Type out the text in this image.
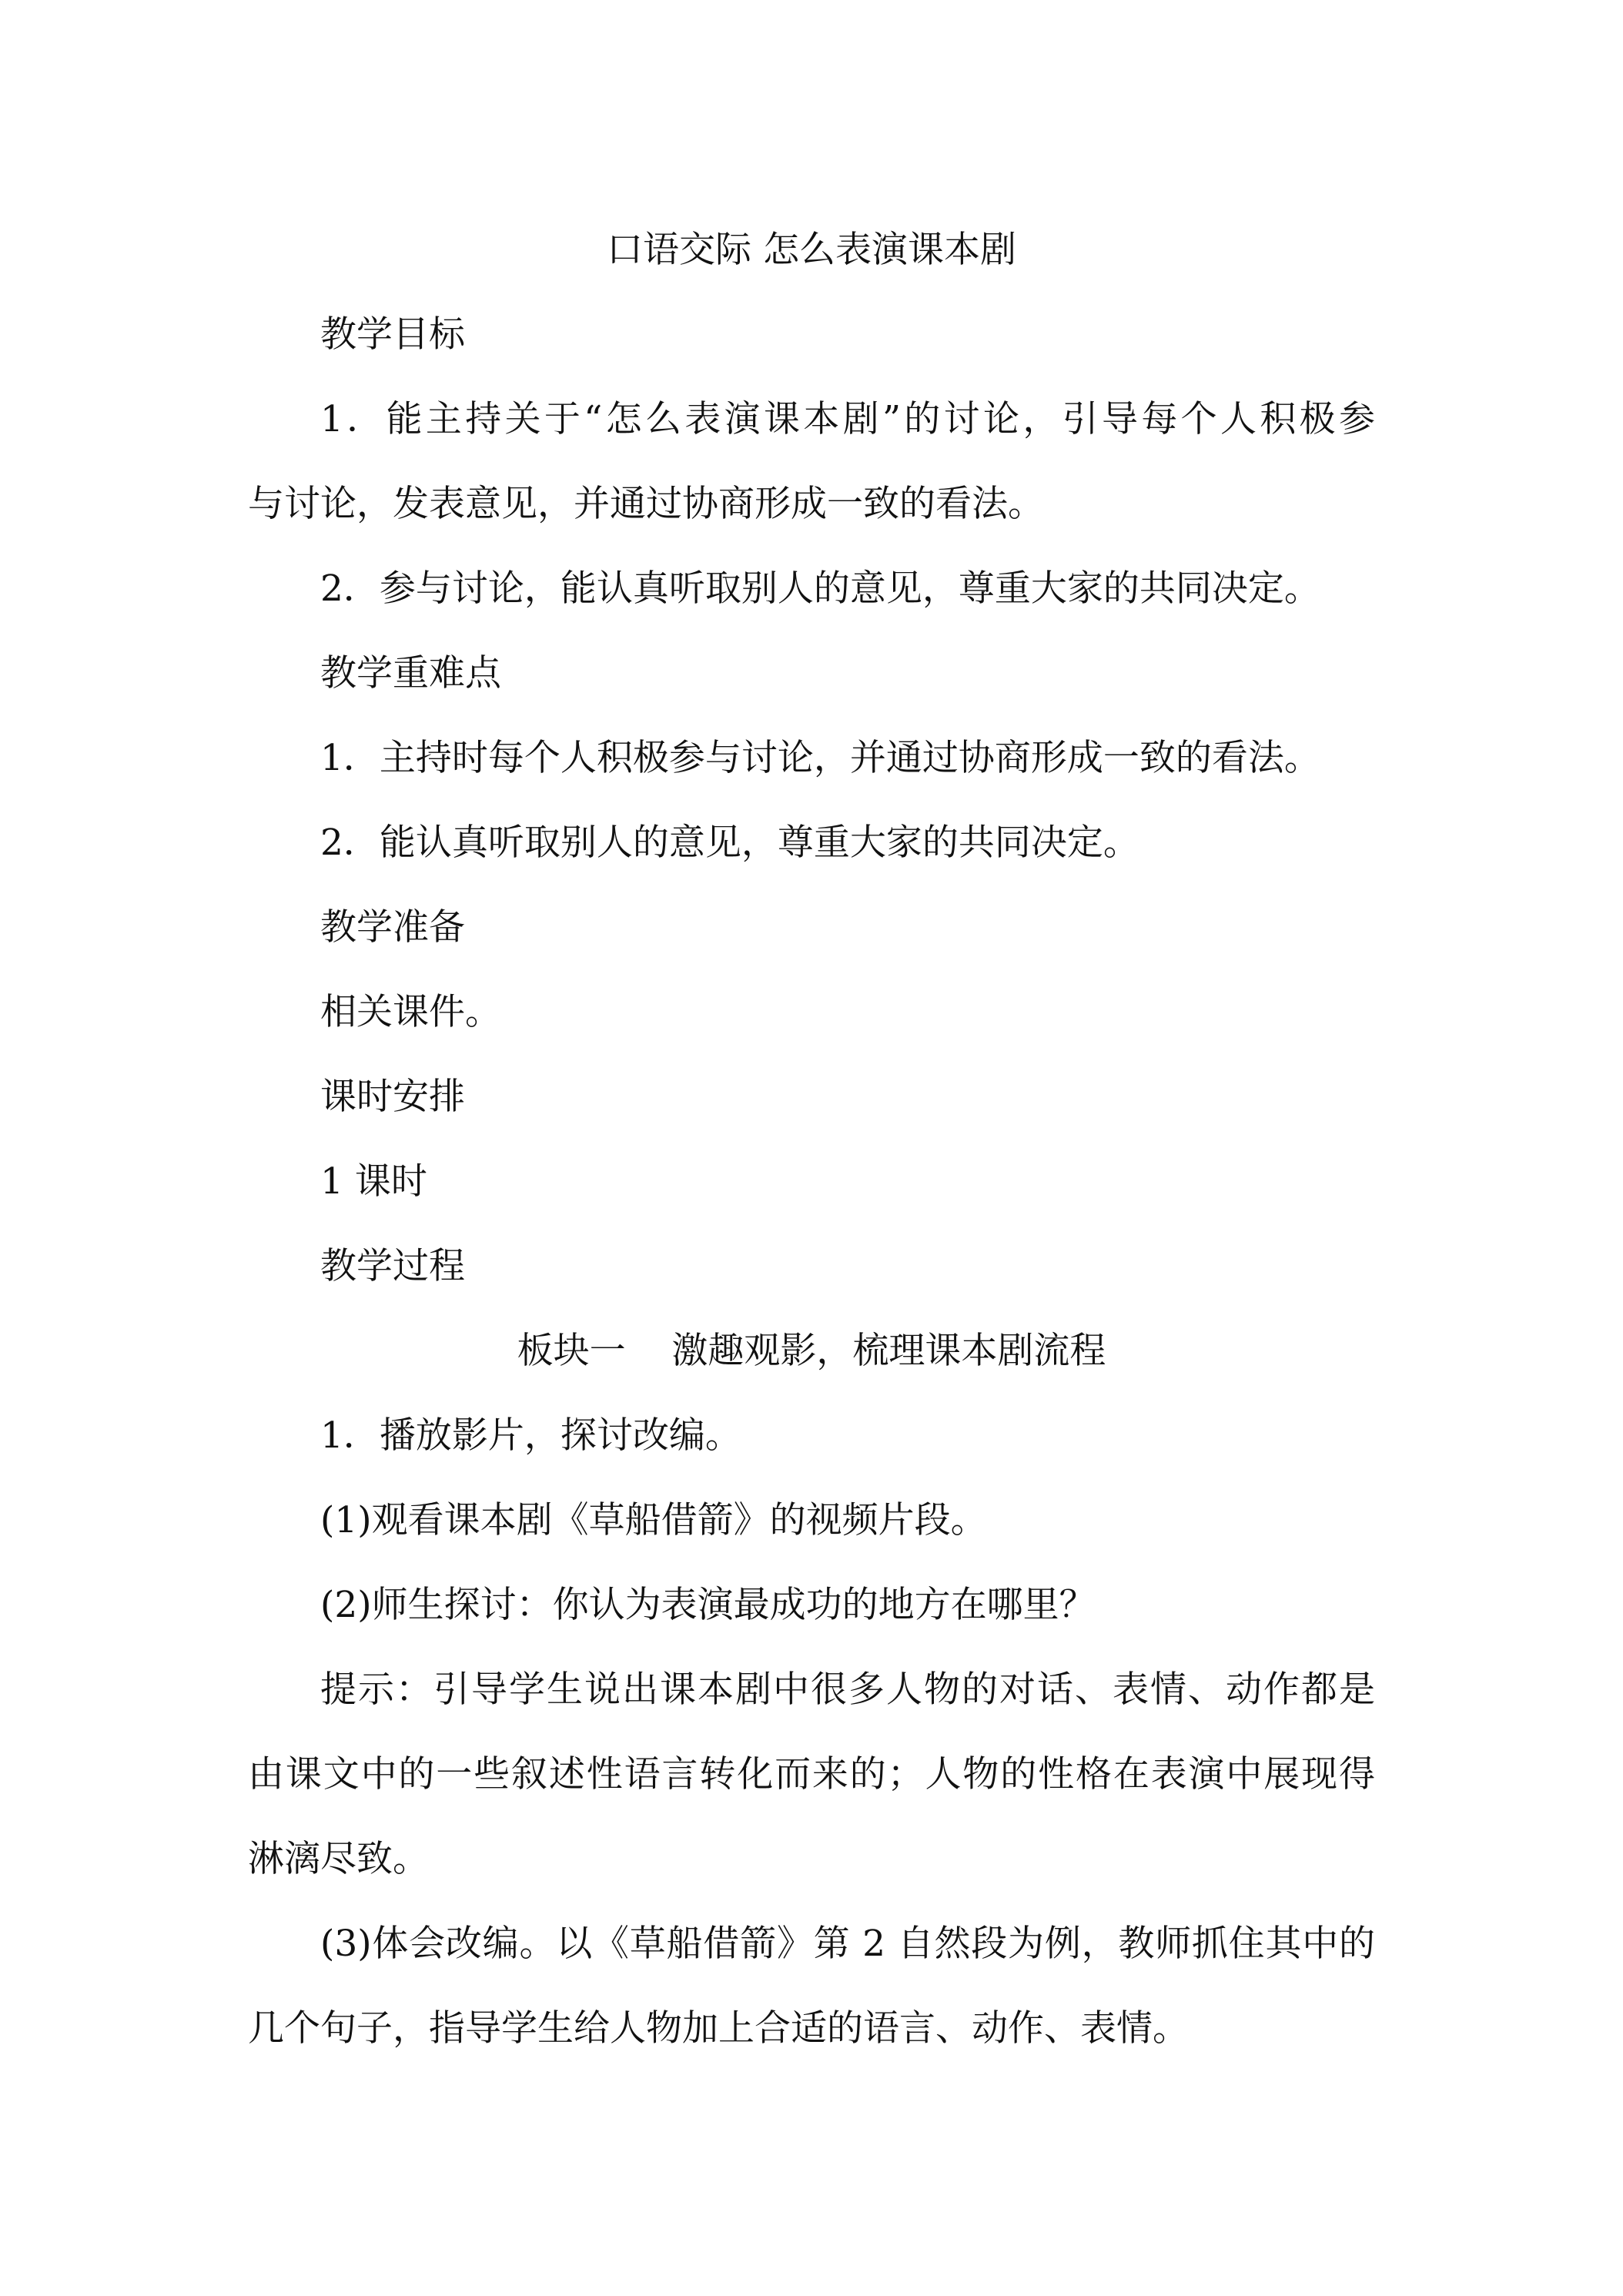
口语交际 怎么表演课本剧

教学目标

1．能主持关于“怎么表演课本剧”的讨论，引导每个人积极参

与讨论，发表意见，并通过协商形成一致的看法。

2．参与讨论，能认真听取别人的意见，尊重大家的共同决定。

教学重难点

1．主持时每个人积极参与讨论，并通过协商形成一致的看法。

2．能认真听取别人的意见，尊重大家的共同决定。

教学准备

相关课件。

课时安排

1 课时

教学过程

板块一    激趣观影，梳理课本剧流程

1．播放影片，探讨改编。

(1)观看课本剧《草船借箭》的视频片段。

(2)师生探讨：你认为表演最成功的地方在哪里？

提示：引导学生说出课本剧中很多人物的对话、表情、动作都是

由课文中的一些叙述性语言转化而来的；人物的性格在表演中展现得

淋漓尽致。

(3)体会改编。以《草船借箭》第 2 自然段为例，教师抓住其中的

几个句子，指导学生给人物加上合适的语言、动作、表情。
